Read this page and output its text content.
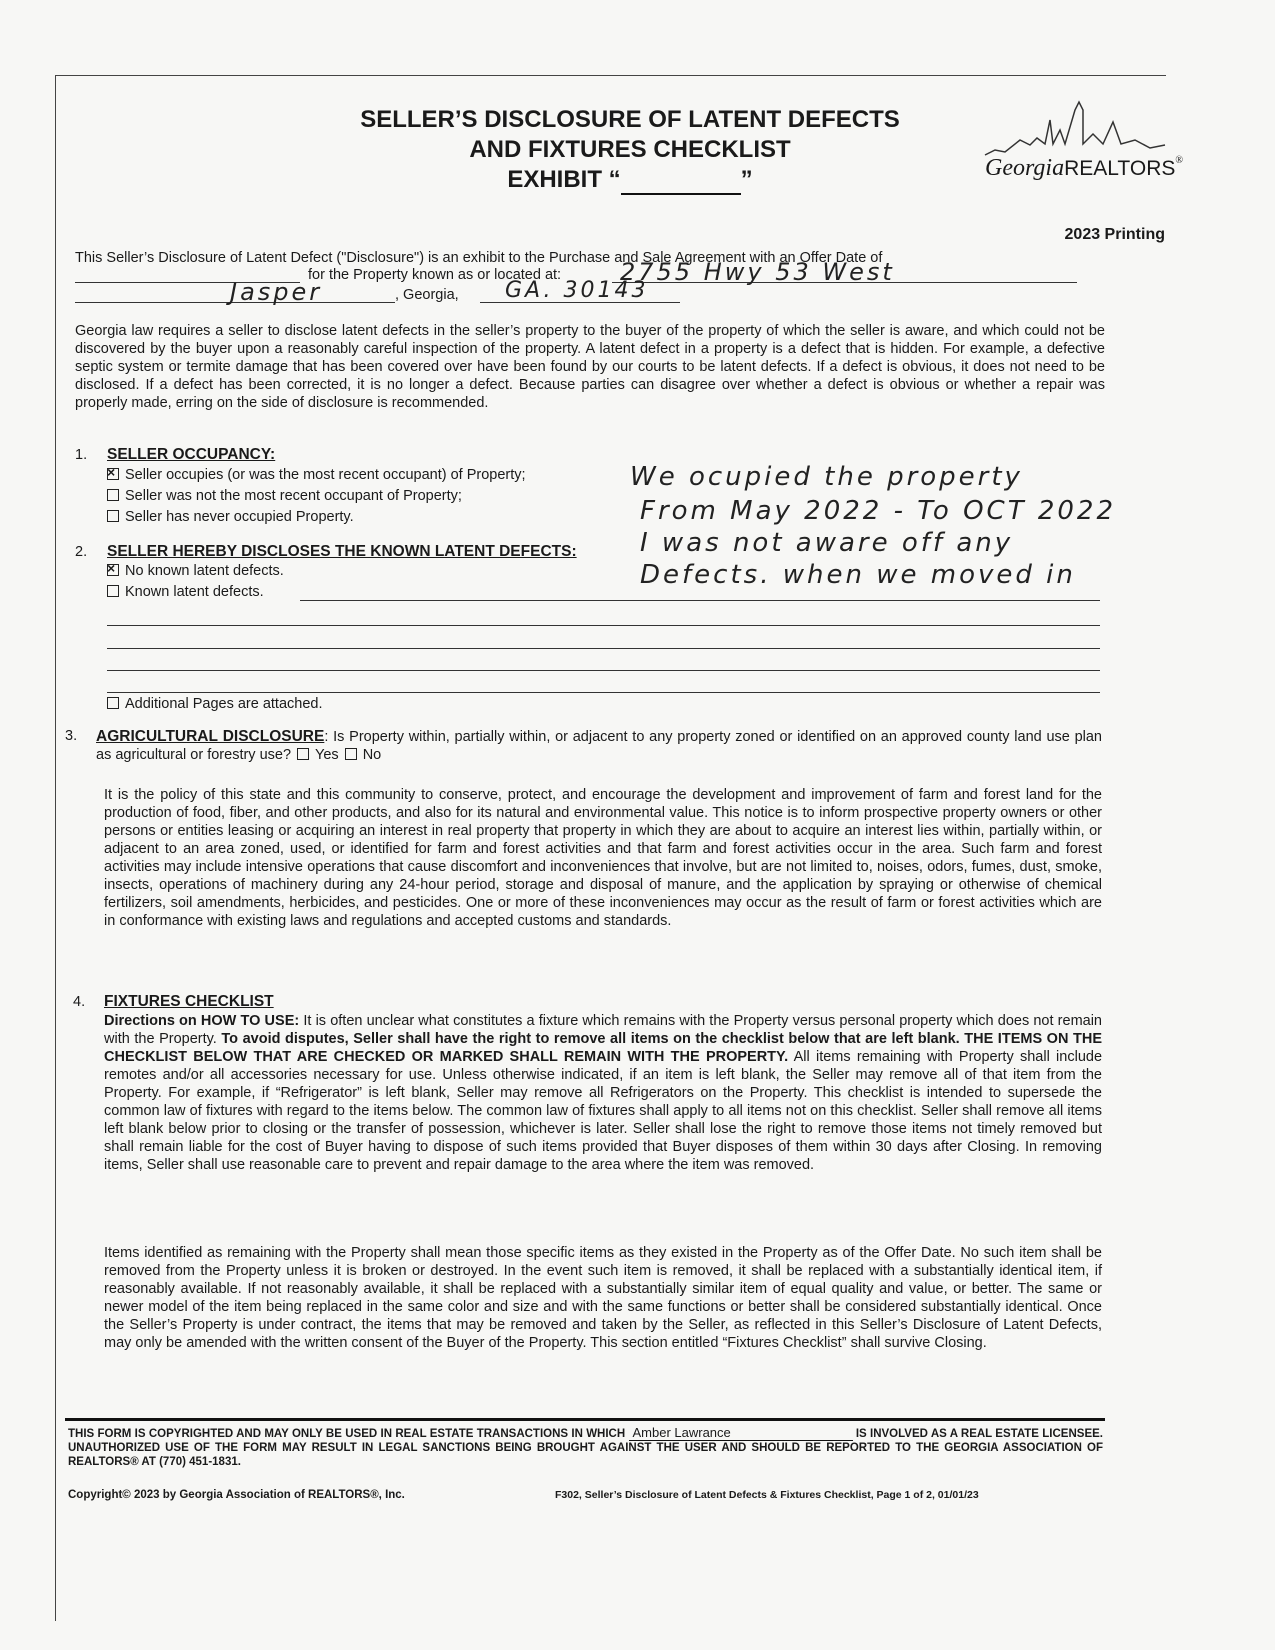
SELLER’S DISCLOSURE OF LATENT DEFECTS
AND FIXTURES CHECKLIST
EXHIBIT “	”	GeorgiaREALTORS®
2023 Printing
This Seller’s Disclosure of Latent Defect ("Disclosure") is an exhibit to the Purchase and Sale Agreement with an Offer Date of
for the Property known as or located at: 2755 Hwy 53 West
Jasper	, Georgia, GA. 30143
Georgia law requires a seller to disclose latent defects in the seller’s property to the buyer of the property of which the seller is aware, and which could not be discovered by the buyer upon a reasonably careful inspection of the property. A latent defect in a property is a defect that is hidden. For example, a defective septic system or termite damage that has been covered over have been found by our courts to be latent defects. If a defect is obvious, it does not need to be disclosed. If a defect has been corrected, it is no longer a defect. Because parties can disagree over whether a defect is obvious or whether a repair was properly made, erring on the side of disclosure is recommended.
1. SELLER OCCUPANCY:
×Seller occupies (or was the most recent occupant) of Property;
Seller was not the most recent occupant of Property;
Seller has never occupied Property.
We ocupied the property
From May 2022 - To OCT 2022
2. SELLER HEREBY DISCLOSES THE KNOWN LATENT DEFECTS:
×No known latent defects.
Known latent defects.
I was not aware off any
Defects. when we moved in
Additional Pages are attached.
3. AGRICULTURAL DISCLOSURE: Is Property within, partially within, or adjacent to any property zoned or identified on an approved county land use plan as agricultural or forestry use? Yes No
It is the policy of this state and this community to conserve, protect, and encourage the development and improvement of farm and forest land for the production of food, fiber, and other products, and also for its natural and environmental value. This notice is to inform prospective property owners or other persons or entities leasing or acquiring an interest in real property that property in which they are about to acquire an interest lies within, partially within, or adjacent to an area zoned, used, or identified for farm and forest activities and that farm and forest activities occur in the area. Such farm and forest activities may include intensive operations that cause discomfort and inconveniences that involve, but are not limited to, noises, odors, fumes, dust, smoke, insects, operations of machinery during any 24-hour period, storage and disposal of manure, and the application by spraying or otherwise of chemical fertilizers, soil amendments, herbicides, and pesticides. One or more of these inconveniences may occur as the result of farm or forest activities which are in conformance with existing laws and regulations and accepted customs and standards.
4. FIXTURES CHECKLIST
Directions on HOW TO USE: It is often unclear what constitutes a fixture which remains with the Property versus personal property which does not remain with the Property. To avoid disputes, Seller shall have the right to remove all items on the checklist below that are left blank. THE ITEMS ON THE CHECKLIST BELOW THAT ARE CHECKED OR MARKED SHALL REMAIN WITH THE PROPERTY. All items remaining with Property shall include remotes and/or all accessories necessary for use. Unless otherwise indicated, if an item is left blank, the Seller may remove all of that item from the Property. For example, if “Refrigerator” is left blank, Seller may remove all Refrigerators on the Property. This checklist is intended to supersede the common law of fixtures with regard to the items below. The common law of fixtures shall apply to all items not on this checklist. Seller shall remove all items left blank below prior to closing or the transfer of possession, whichever is later. Seller shall lose the right to remove those items not timely removed but shall remain liable for the cost of Buyer having to dispose of such items provided that Buyer disposes of them within 30 days after Closing. In removing items, Seller shall use reasonable care to prevent and repair damage to the area where the item was removed.
Items identified as remaining with the Property shall mean those specific items as they existed in the Property as of the Offer Date. No such item shall be removed from the Property unless it is broken or destroyed. In the event such item is removed, it shall be replaced with a substantially identical item, if reasonably available. If not reasonably available, it shall be replaced with a substantially similar item of equal quality and value, or better. The same or newer model of the item being replaced in the same color and size and with the same functions or better shall be considered substantially identical. Once the Seller’s Property is under contract, the items that may be removed and taken by the Seller, as reflected in this Seller’s Disclosure of Latent Defects, may only be amended with the written consent of the Buyer of the Property. This section entitled “Fixtures Checklist” shall survive Closing.
THIS FORM IS COPYRIGHTED AND MAY ONLY BE USED IN REAL ESTATE TRANSACTIONS IN WHICH Amber Lawrance	IS INVOLVED AS A REAL ESTATE LICENSEE. UNAUTHORIZED USE OF THE FORM MAY RESULT IN LEGAL SANCTIONS BEING BROUGHT AGAINST THE USER AND SHOULD BE REPORTED TO THE GEORGIA ASSOCIATION OF REALTORS® AT (770) 451-1831.
Copyright© 2023 by Georgia Association of REALTORS®, Inc.	F302, Seller’s Disclosure of Latent Defects & Fixtures Checklist, Page 1 of 2, 01/01/23
